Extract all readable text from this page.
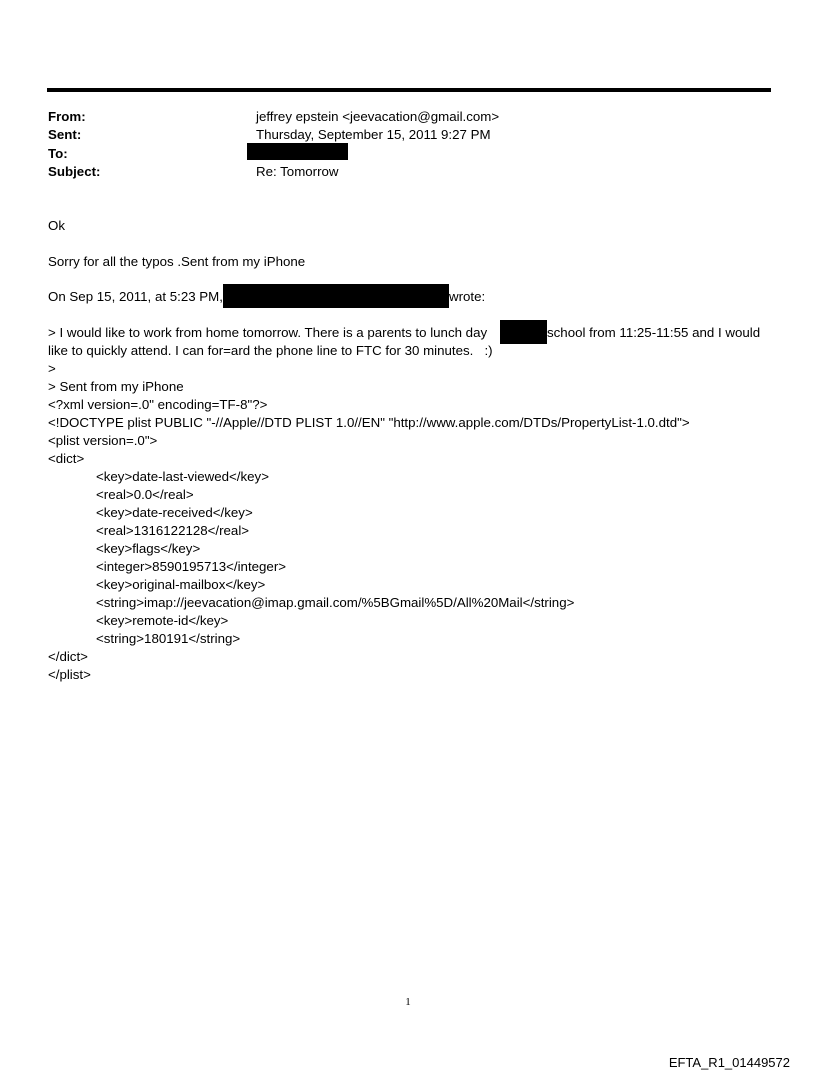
From:	jeffrey epstein <jeevacation@gmail.com>
Sent:	Thursday, September 15, 2011 9:27 PM
To:
Subject:	Re: Tomorrow
Ok
Sorry for all the typos .Sent from my iPhone
On Sep 15, 2011, at 5:23 PM,	wrote:
> I would like to work from home tomorrow. There is a parents to lunch day	school from 11:25-11:55 and I would
like to quickly attend. I can for=ard the phone line to FTC for 30 minutes.   :)
>
> Sent from my iPhone
<?xml version=.0" encoding=TF-8"?>
<!DOCTYPE plist PUBLIC "-//Apple//DTD PLIST 1.0//EN" "http://www.apple.com/DTDs/PropertyList-1.0.dtd">
<plist version=.0">
<dict>
<key>date-last-viewed</key>
<real>0.0</real>
<key>date-received</key>
<real>1316122128</real>
<key>flags</key>
<integer>8590195713</integer>
<key>original-mailbox</key>
<string>imap://jeevacation@imap.gmail.com/%5BGmail%5D/All%20Mail</string>
<key>remote-id</key>
<string>180191</string>
</dict>
</plist>
1
EFTA_R1_01449572
